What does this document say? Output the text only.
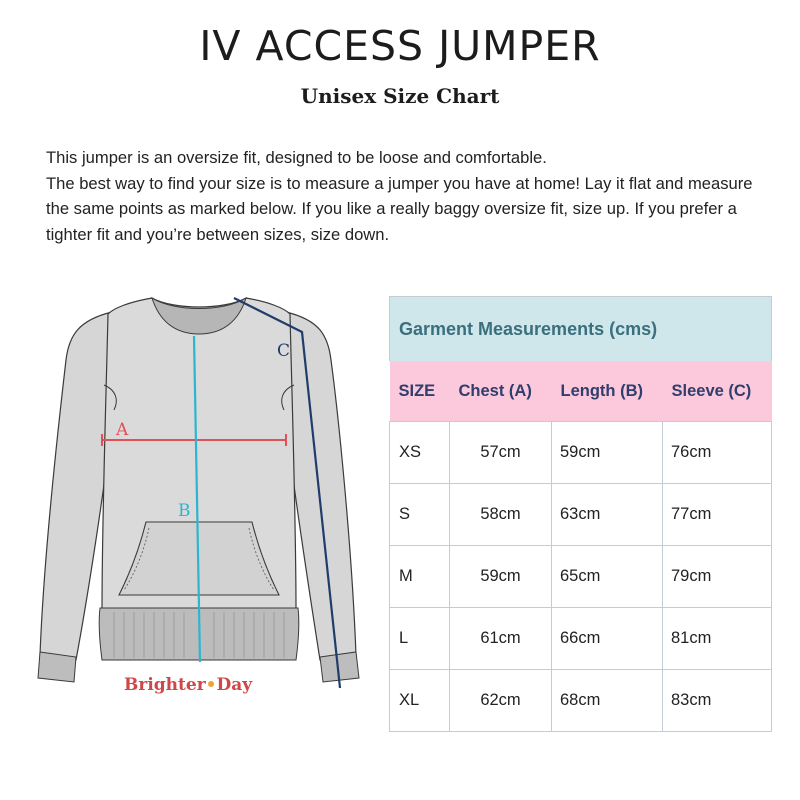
IV ACCESS JUMPER
Unisex Size Chart

This jumper is an oversize fit, designed to be loose and comfortable.

The best way to find your size is to measure a jumper you have at home! Lay it flat and measure the same points as marked below. If you like a really baggy oversize fit, size up. If you prefer a tighter fit and you’re between sizes, size down.

A
B
C
Brighter•Day
Garment Measurements (cms)			
SIZE	Chest (A)	Length (B)	Sleeve (C)
XS	57cm	59cm	76cm
S	58cm	63cm	77cm
M	59cm	65cm	79cm
L	61cm	66cm	81cm
XL	62cm	68cm	83cm
